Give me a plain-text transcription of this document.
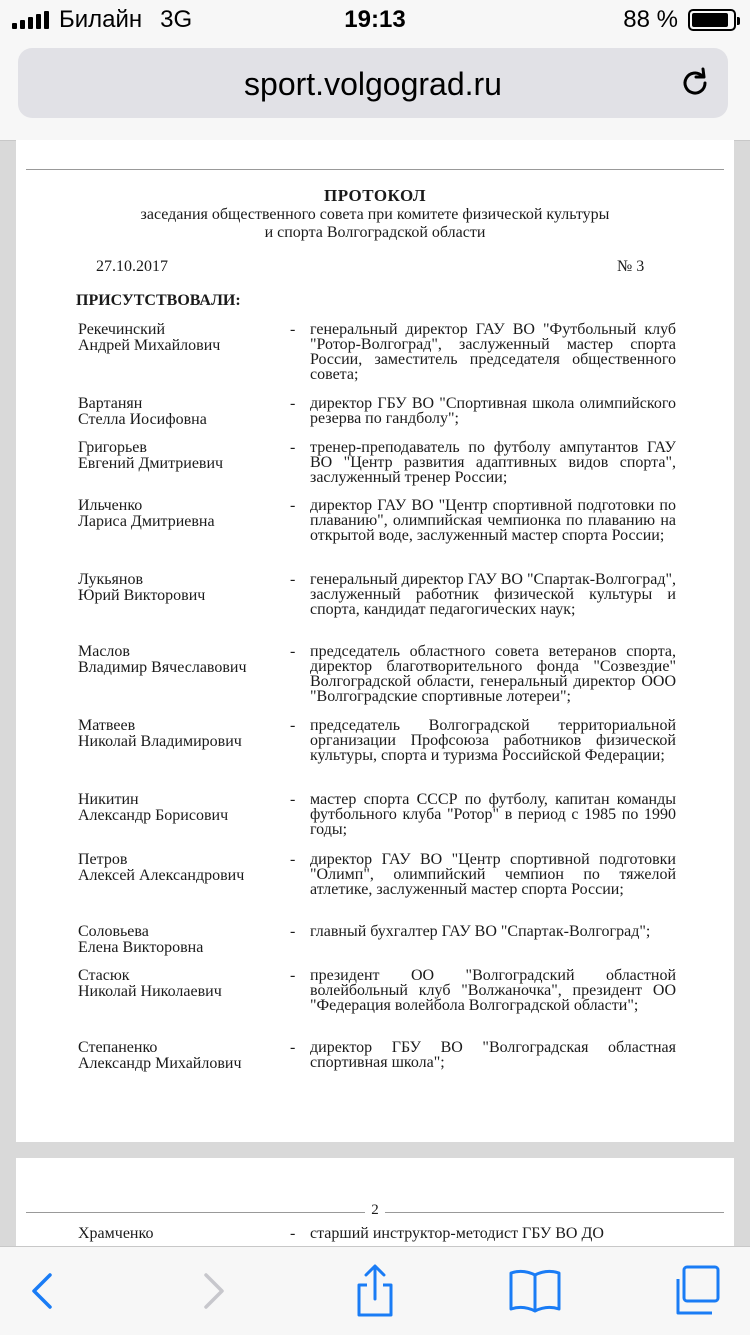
Билайн 3G	19:13	88 %
sport.volgograd.ru
ПРОТОКОЛ
заседания общественного совета при комитете физической культуры
и спорта Волгоградской области
27.10.2017	№ 3
ПРИСУТСТВОВАЛИ:
Рекечинский
Андрей Михайлович
- генеральный директор ГАУ ВО "Футбольный клуб "Ротор-Волгоград", заслуженный мастер спорта России, заместитель председателя общественного совета;
Вартанян
Стелла Иосифовна
- директор ГБУ ВО "Спортивная школа олимпийского резерва по гандболу";
Григорьев
Евгений Дмитриевич
- тренер-преподаватель по футболу ампутантов ГАУ ВО "Центр развития адаптивных видов спорта", заслуженный тренер России;
Ильченко
Лариса Дмитриевна
- директор ГАУ ВО "Центр спортивной подготовки по плаванию", олимпийская чемпионка по плаванию на открытой воде, заслуженный мастер спорта России;
Лукьянов
Юрий Викторович
- генеральный директор ГАУ ВО "Спартак-Волгоград", заслуженный работник физической культуры и спорта, кандидат педагогических наук;
Маслов
Владимир Вячеславович
- председатель областного совета ветеранов спорта, директор благотворительного фонда "Созвездие" Волгоградской области, генеральный директор ООО "Волгоградские спортивные лотереи";
Матвеев
Николай Владимирович
- председатель Волгоградской территориальной организации Профсоюза работников физической культуры, спорта и туризма Российской Федерации;
Никитин
Александр Борисович
- мастер спорта СССР по футболу, капитан команды футбольного клуба "Ротор" в период с 1985 по 1990 годы;
Петров
Алексей Александрович
- директор ГАУ ВО "Центр спортивной подготовки "Олимп", олимпийский чемпион по тяжелой атлетике, заслуженный мастер спорта России;
Соловьева
Елена Викторовна
- главный бухгалтер ГАУ ВО "Спартак-Волгоград";
Стасюк
Николай Николаевич
- президент ОО "Волгоградский областной волейбольный клуб "Волжаночка", президент ОО "Федерация волейбола Волгоградской области";
Степаненко
Александр Михайлович
- директор ГБУ ВО "Волгоградская областная спортивная школа";
2
Храмченко	- старший инструктор-методист ГБУ ВО ДО
